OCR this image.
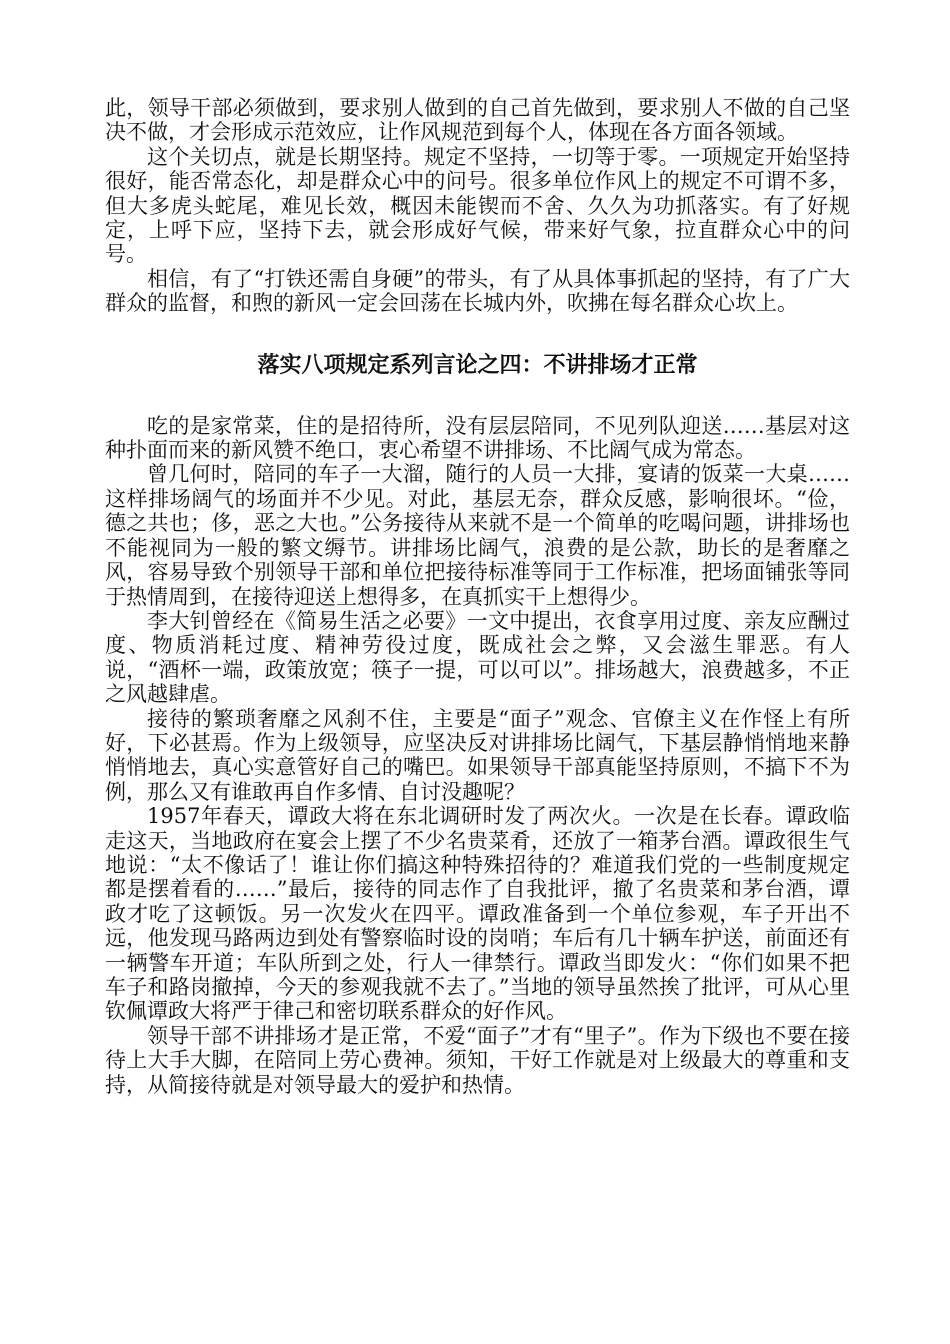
此，领导干部必须做到，要求别人做到的自己首先做到，要求别人不做的自己坚决不做，才会形成示范效应，让作风规范到每个人，体现在各方面各领域。

这个关切点，就是长期坚持。规定不坚持，一切等于零。一项规定开始坚持很好，能否常态化，却是群众心中的问号。很多单位作风上的规定不可谓不多，但大多虎头蛇尾，难见长效，概因未能锲而不舍、久久为功抓落实。有了好规定，上呼下应，坚持下去，就会形成好气候，带来好气象，拉直群众心中的问号。

相信，有了“打铁还需自身硬”的带头，有了从具体事抓起的坚持，有了广大群众的监督，和煦的新风一定会回荡在长城内外，吹拂在每名群众心坎上。

落实八项规定系列言论之四：不讲排场才正常

吃的是家常菜，住的是招待所，没有层层陪同，不见列队迎送……基层对这种扑面而来的新风赞不绝口，衷心希望不讲排场、不比阔气成为常态。

曾几何时，陪同的车子一大溜，随行的人员一大排，宴请的饭菜一大桌……这样排场阔气的场面并不少见。对此，基层无奈，群众反感，影响很坏。“俭，德之共也；侈，恶之大也。”公务接待从来就不是一个简单的吃喝问题，讲排场也不能视同为一般的繁文缛节。讲排场比阔气，浪费的是公款，助长的是奢靡之风，容易导致个别领导干部和单位把接待标准等同于工作标准，把场面铺张等同于热情周到，在接待迎送上想得多，在真抓实干上想得少。

李大钊曾经在《简易生活之必要》一文中提出，衣食享用过度、亲友应酬过度、物质消耗过度、精神劳役过度，既成社会之弊，又会滋生罪恶。有人说，“酒杯一端，政策放宽；筷子一提，可以可以”。排场越大，浪费越多，不正之风越肆虐。

接待的繁琐奢靡之风刹不住，主要是“面子”观念、官僚主义在作怪上有所好，下必甚焉。作为上级领导，应坚决反对讲排场比阔气，下基层静悄悄地来静悄悄地去，真心实意管好自己的嘴巴。如果领导干部真能坚持原则，不搞下不为例，那么又有谁敢再自作多情、自讨没趣呢？

1957年春天，谭政大将在东北调研时发了两次火。一次是在长春。谭政临走这天，当地政府在宴会上摆了不少名贵菜肴，还放了一箱茅台酒。谭政很生气地说：“太不像话了！谁让你们搞这种特殊招待的？难道我们党的一些制度规定都是摆着看的……”最后，接待的同志作了自我批评，撤了名贵菜和茅台酒，谭政才吃了这顿饭。另一次发火在四平。谭政准备到一个单位参观，车子开出不远，他发现马路两边到处有警察临时设的岗哨；车后有几十辆车护送，前面还有一辆警车开道；车队所到之处，行人一律禁行。谭政当即发火：“你们如果不把车子和路岗撤掉，今天的参观我就不去了。”当地的领导虽然挨了批评，可从心里钦佩谭政大将严于律己和密切联系群众的好作风。

领导干部不讲排场才是正常，不爱“面子”才有“里子”。作为下级也不要在接待上大手大脚，在陪同上劳心费神。须知，干好工作就是对上级最大的尊重和支持，从简接待就是对领导最大的爱护和热情。
